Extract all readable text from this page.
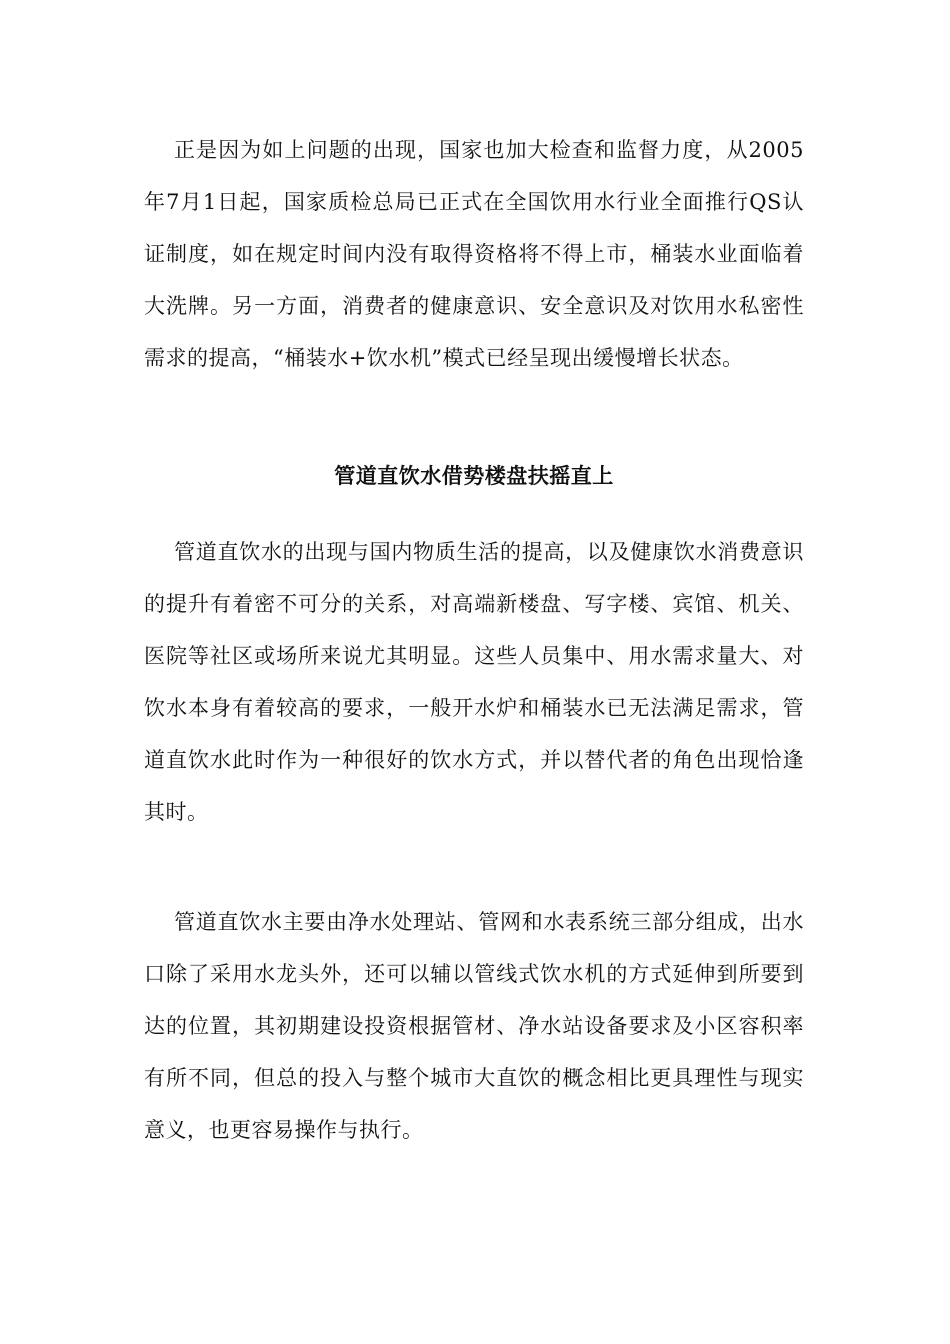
正是因为如上问题的出现，国家也加大检查和监督力度，从2005年7月1日起，国家质检总局已正式在全国饮用水行业全面推行QS认证制度，如在规定时间内没有取得资格将不得上市，桶装水业面临着大洗牌。另一方面，消费者的健康意识、安全意识及对饮用水私密性需求的提高，“桶装水+饮水机”模式已经呈现出缓慢增长状态。

管道直饮水借势楼盘扶摇直上

管道直饮水的出现与国内物质生活的提高，以及健康饮水消费意识的提升有着密不可分的关系，对高端新楼盘、写字楼、宾馆、机关、医院等社区或场所来说尤其明显。这些人员集中、用水需求量大、对饮水本身有着较高的要求，一般开水炉和桶装水已无法满足需求，管道直饮水此时作为一种很好的饮水方式，并以替代者的角色出现恰逢其时。

管道直饮水主要由净水处理站、管网和水表系统三部分组成，出水口除了采用水龙头外，还可以辅以管线式饮水机的方式延伸到所要到达的位置，其初期建设投资根据管材、净水站设备要求及小区容积率有所不同，但总的投入与整个城市大直饮的概念相比更具理性与现实意义，也更容易操作与执行。
